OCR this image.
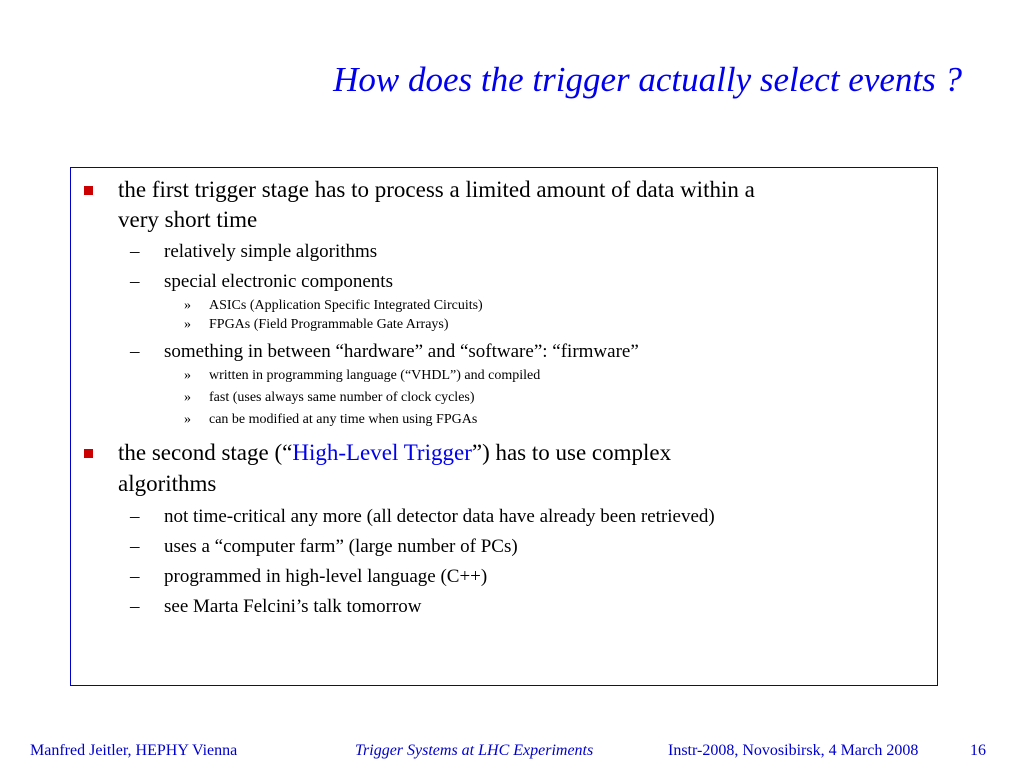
How does the trigger actually select events ?
the first trigger stage has to process a limited amount of data within a
very short time
– relatively simple algorithms
– special electronic components
» ASICs (Application Specific Integrated Circuits)
» FPGAs (Field Programmable Gate Arrays)
– something in between “hardware” and “software”: “firmware”
» written in programming language (“VHDL”) and compiled
» fast (uses always same number of clock cycles)
» can be modified at any time when using FPGAs
the second stage (“High-Level Trigger”) has to use complex
algorithms
– not time-critical any more (all detector data have already been retrieved)
– uses a “computer farm” (large number of PCs)
– programmed in high-level language (C++)
– see Marta Felcini’s talk tomorrow
Manfred Jeitler, HEPHY Vienna	Trigger Systems at LHC Experiments	Instr-2008, Novosibirsk, 4 March 2008	16
